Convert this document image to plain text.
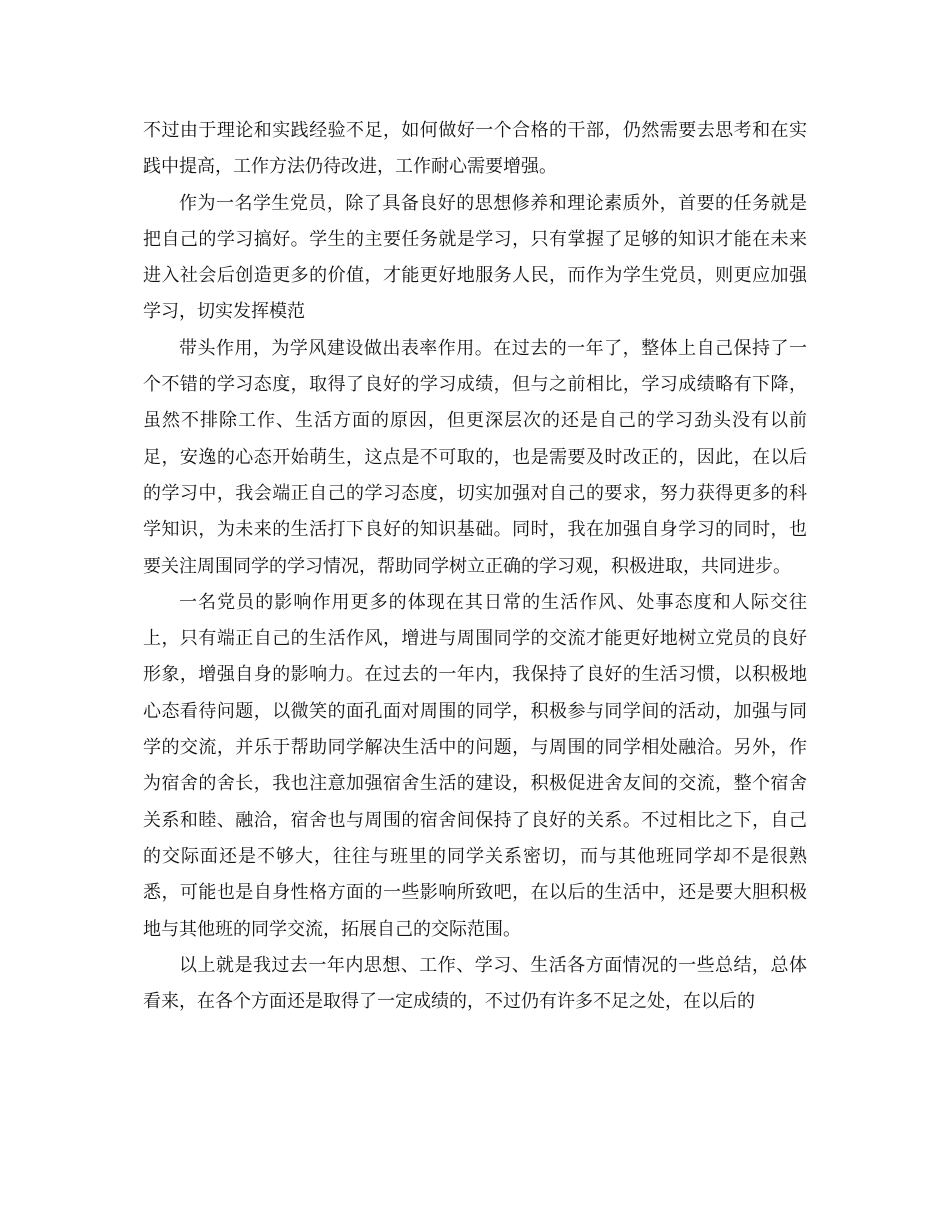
不过由于理论和实践经验不足，如何做好一个合格的干部，仍然需要去思考和在实践中提高，工作方法仍待改进，工作耐心需要增强。

作为一名学生党员，除了具备良好的思想修养和理论素质外，首要的任务就是把自己的学习搞好。学生的主要任务就是学习，只有掌握了足够的知识才能在未来进入社会后创造更多的价值，才能更好地服务人民，而作为学生党员，则更应加强学习，切实发挥模范

带头作用，为学风建设做出表率作用。在过去的一年了，整体上自己保持了一个不错的学习态度，取得了良好的学习成绩，但与之前相比，学习成绩略有下降，虽然不排除工作、生活方面的原因，但更深层次的还是自己的学习劲头没有以前足，安逸的心态开始萌生，这点是不可取的，也是需要及时改正的，因此，在以后的学习中，我会端正自己的学习态度，切实加强对自己的要求，努力获得更多的科学知识，为未来的生活打下良好的知识基础。同时，我在加强自身学习的同时，也要关注周围同学的学习情况，帮助同学树立正确的学习观，积极进取，共同进步。

一名党员的影响作用更多的体现在其日常的生活作风、处事态度和人际交往上，只有端正自己的生活作风，增进与周围同学的交流才能更好地树立党员的良好形象，增强自身的影响力。在过去的一年内，我保持了良好的生活习惯，以积极地心态看待问题，以微笑的面孔面对周围的同学，积极参与同学间的活动，加强与同学的交流，并乐于帮助同学解决生活中的问题，与周围的同学相处融洽。另外，作为宿舍的舍长，我也注意加强宿舍生活的建设，积极促进舍友间的交流，整个宿舍关系和睦、融洽，宿舍也与周围的宿舍间保持了良好的关系。不过相比之下，自己的交际面还是不够大，往往与班里的同学关系密切，而与其他班同学却不是很熟悉，可能也是自身性格方面的一些影响所致吧，在以后的生活中，还是要大胆积极地与其他班的同学交流，拓展自己的交际范围。

以上就是我过去一年内思想、工作、学习、生活各方面情况的一些总结，总体看来，在各个方面还是取得了一定成绩的，不过仍有许多不足之处，在以后的
